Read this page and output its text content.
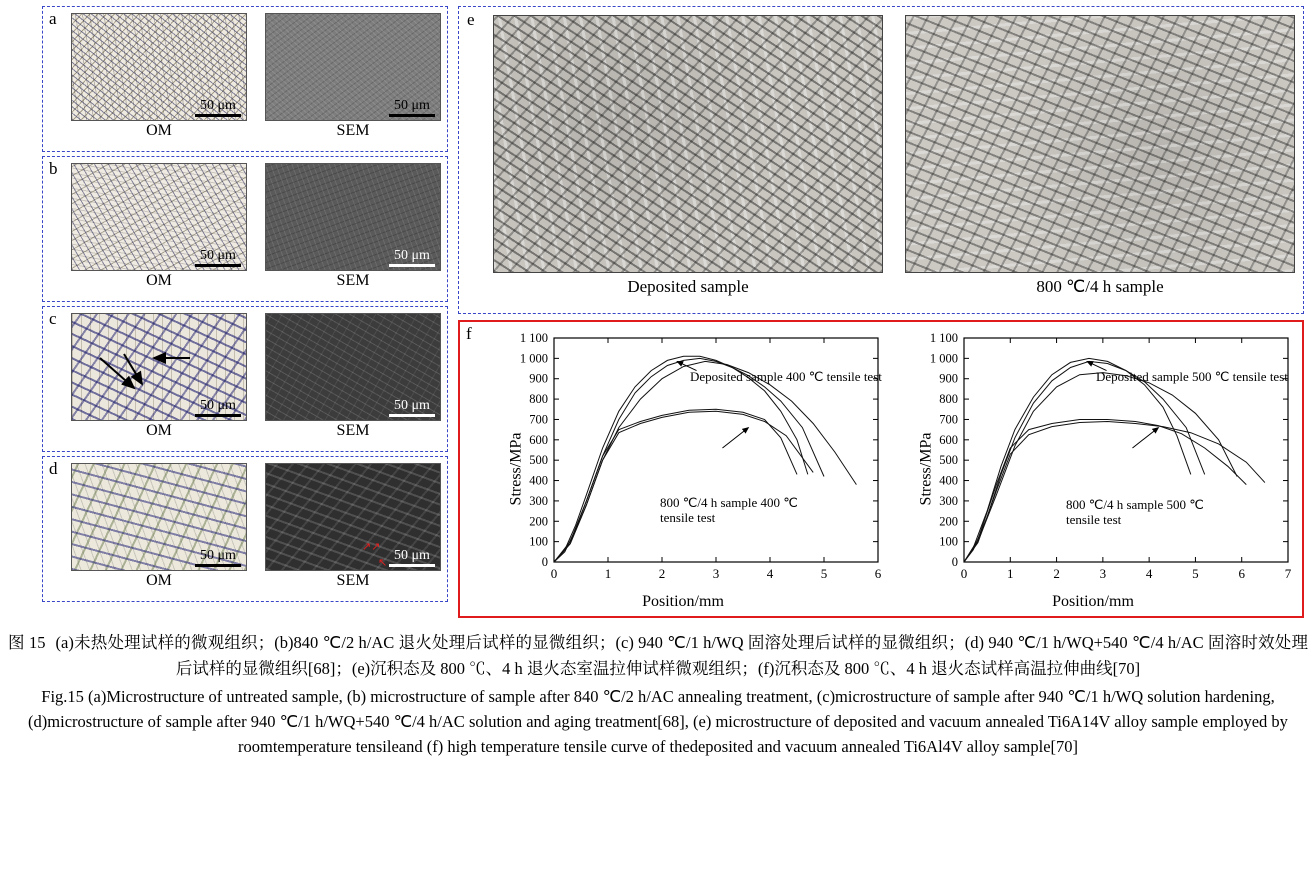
a
50 μm
OM
50 μm
SEM
b
50 μm
OM
50 μm
SEM
c
50 μm
OM
50 μm
SEM
d
50 μm
OM
↗↗
↖ 50 μm
SEM
e
Deposited sample	800 ℃/4 h sample
f
Stress/MPa
0
100
200
300
400
500
600
700
800
900
1 000
1 100
0	1	2	3	4	5	6
Position/mm
Deposited sample 400 ℃ tensile test
800 ℃/4 h sample 400 ℃ tensile test
Stress/MPa
0
100
200
300
400
500
600
700
800
900
1 000
1 100
0	1	2	3	4	5	6	7
Position/mm
Deposited sample 500 ℃ tensile test
800 ℃/4 h sample 500 ℃ tensile test
图 15 (a)未热处理试样的微观组织；(b)840 ℃/2 h/AC 退火处理后试样的显微组织；(c) 940 ℃/1 h/WQ 固溶处理后试样的显微组织；(d) 940 ℃/1 h/WQ+540 ℃/4 h/AC 固溶时效处理后试样的显微组织[68]；(e)沉积态及 800 ℃、4 h 退火态室温拉伸试样微观组织；(f)沉积态及 800 ℃、4 h 退火态试样高温拉伸曲线[70]
Fig.15 (a)Microstructure of untreated sample, (b) microstructure of sample after 840 ℃/2 h/AC annealing treatment, (c)microstructure of sample after 940 ℃/1 h/WQ solution hardening,(d)microstructure of sample after 940 ℃/1 h/WQ+540 ℃/4 h/AC solution and aging treatment[68], (e) microstructure of deposited and vacuum annealed Ti6A14V alloy sample employed by roomtemperature tensileand (f) high temperature tensile curve of thedeposited and vacuum annealed Ti6Al4V alloy sample[70]
